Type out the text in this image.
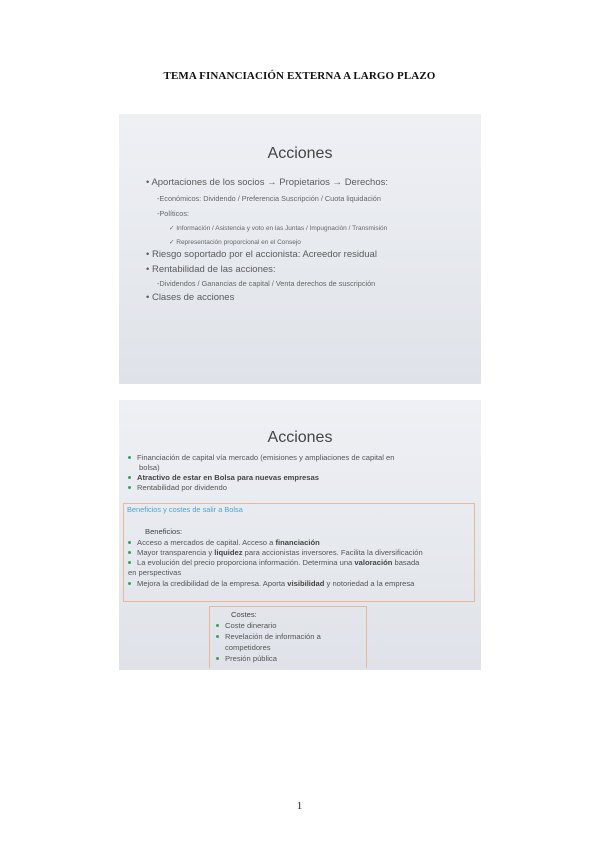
TEMA FINANCIACIÓN EXTERNA A LARGO PLAZO
Acciones
• Aportaciones de los socios → Propietarios → Derechos:
-Económicos: Dividendo / Preferencia Suscripción / Cuota liquidación
-Políticos:
✓ Información / Asistencia y voto en las Juntas / Impugnación / Transmisión
✓ Representación proporcional en el Consejo
• Riesgo soportado por el accionista: Acreedor residual
• Rentabilidad de las acciones:
-Dividendos / Ganancias de capital / Venta derechos de suscripción
• Clases de acciones
Acciones
Financiación de capital vía mercado (emisiones y ampliaciones de capital en
bolsa)
Atractivo de estar en Bolsa para nuevas empresas
Rentabilidad por dividendo
Beneficios y costes de salir a Bolsa
Beneficios:
Acceso a mercados de capital. Acceso a financiación
Mayor transparencia y liquidez para accionistas inversores. Facilita la diversificación
La evolución del precio proporciona información. Determina una valoración basada
en perspectivas
Mejora la credibilidad de la empresa. Aporta visibilidad y notoriedad a la empresa
Costes:
Coste dinerario
Revelación de información a
competidores
Presión pública
1
